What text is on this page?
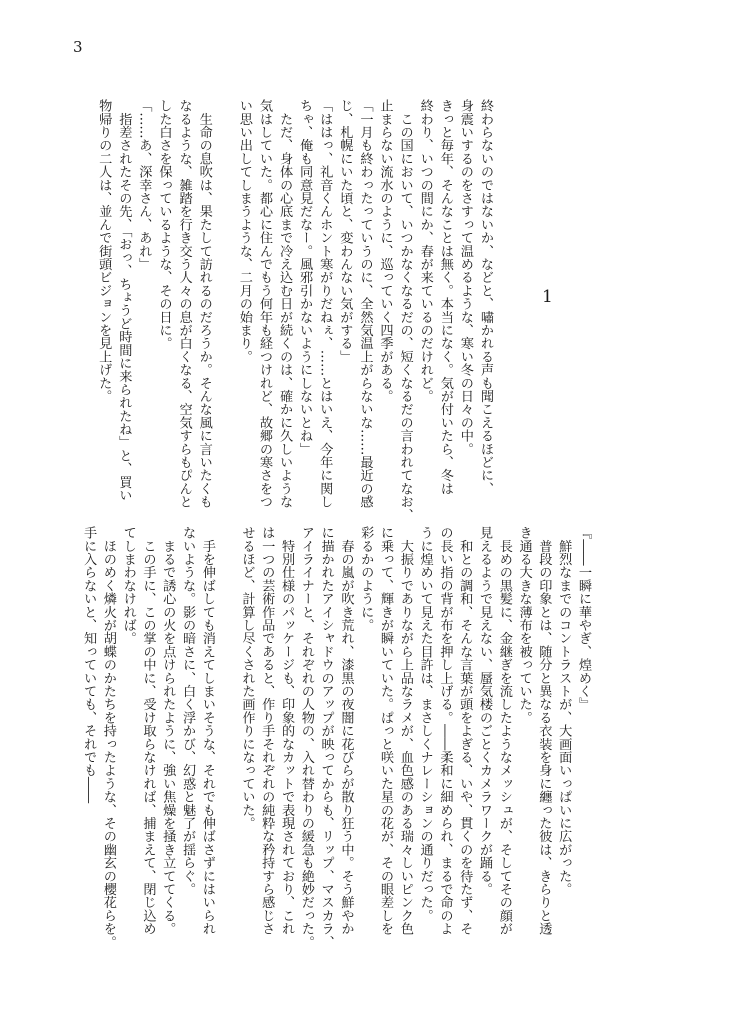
3
1
終わらないのではないか、などと、嘯かれる声も聞こえるほどに、
身震いするのをさすって温めるような、寒い冬の日々の中。
きっと毎年、そんなことは無く。本当になく。気が付いたら、冬は
終わり、いつの間にか、春が来ているのだけれど。
　この国において、いつかなくなるだの、短くなるだの言われてなお、
止まらない流水のように、巡っていく四季がある。
「一月も終わったっていうのに、全然気温上がらないな……最近の感
じ、札幌にいた頃と、変わんない気がする」
「ははっ、礼音くんホント寒がりだねぇ、……とはいえ、今年に関し
ちゃ、俺も同意見だなー。風邪引かないようにしないとね」
　ただ、身体の心底まで冷え込む日が続くのは、確かに久しいような
気はしていた。都心に住んでもう何年も経つけれど、故郷の寒さをつ
い思い出してしまうような、二月の始まり。
　生命の息吹は、果たして訪れるのだろうか。そんな風に言いたくも
なるような、雑踏を行き交う人々の息が白くなる、空気すらもぴんと
した白さを保っているような、その日に。
「……あ、深幸さん、あれ」
　指差されたその先、「おっ、ちょうど時間に来られたね」と、買い
物帰りの二人は、並んで街頭ビジョンを見上げた。
『――一瞬に華やぎ、煌めく』
　鮮烈なまでのコントラストが、大画面いっぱいに広がった。
　普段の印象とは、随分と異なる衣装を身に纏った彼は、きらりと透
き通る大きな薄布を被っていた。
　長めの黒髪に、金継ぎを流したようなメッシュが、そしてその顔が
見えるようで見えない、蜃気楼のごとくカメラワークが踊る。
　和との調和、そんな言葉が頭をよぎる、いや、貫くのを待たず、そ
の長い指の背が布を押し上げる。――柔和に細められ、まるで命のよ
うに煌めいて見えた目許は、まさしくナレーションの通りだった。
　大振りでありながら上品なラメが、血色感のある瑞々しいピンク色
に乗って、輝きが瞬いていた。ぱっと咲いた星の花が、その眼差しを
彩るかのように。
　春の嵐が吹き荒れ、漆黒の夜闇に花びらが散り狂う中。そう鮮やか
に描かれたアイシャドウのアップが映ってからも、リップ、マスカラ、
アイライナーと、それぞれの人物の、入れ替わりの緩急も絶妙だった。
　特別仕様のパッケージも、印象的なカットで表現されており、これ
は一つの芸術作品であると、作り手それぞれの純粋な矜持すら感じさ
せるほど、計算し尽くされた画作りになっていた。
　手を伸ばしても消えてしまいそうな、それでも伸ばさずにはいられ
ないような。影の暗さに、白く浮かび、幻惑と魅了が揺らぐ。
　まるで誘心の火を点けられたように、強い焦燥を掻き立ててくる。
　この手に、この掌の中に、受け取らなければ、捕まえて、閉じ込め
てしまわなければ。
　ほのめく燐火が胡蝶のかたちを持ったような、その幽玄の櫻花らを。
手に入らないと、知っていても、それでも――
